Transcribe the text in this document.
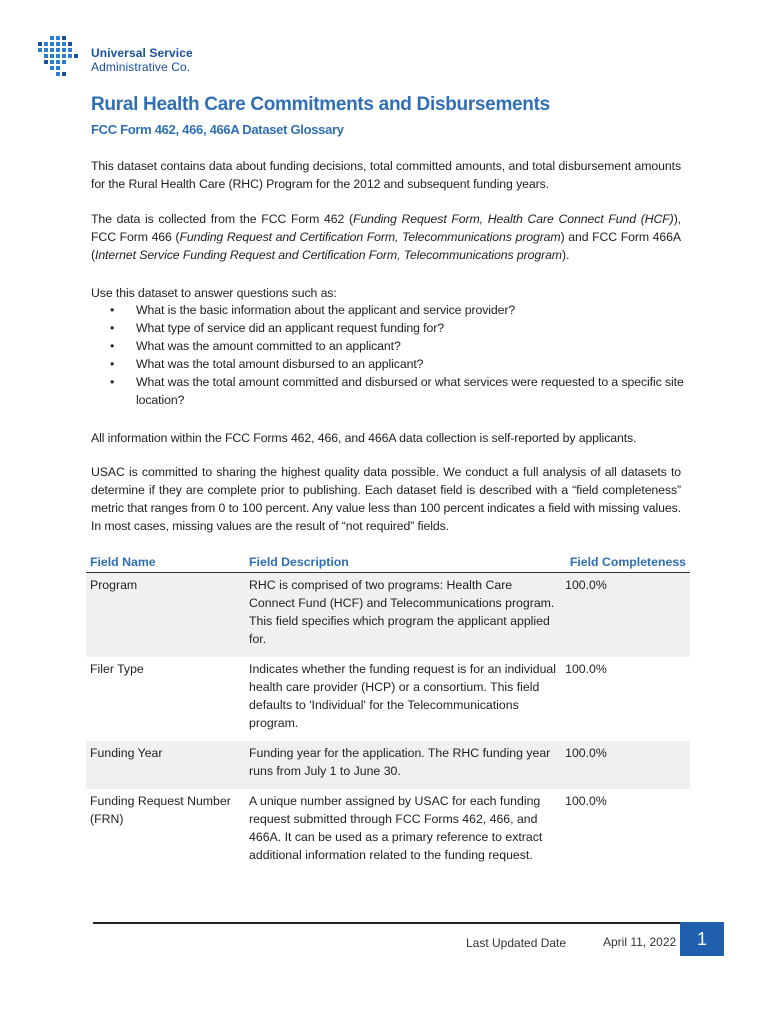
Universal Service
Administrative Co.
Rural Health Care Commitments and Disbursements
FCC Form 462, 466, 466A Dataset Glossary

This dataset contains data about funding decisions, total committed amounts, and total disbursement amounts for the Rural Health Care (RHC) Program for the 2012 and subsequent funding years.

The data is collected from the FCC Form 462 (Funding Request Form, Health Care Connect Fund (HCF)), FCC Form 466 (Funding Request and Certification Form, Telecommunications program) and FCC Form 466A (Internet Service Funding Request and Certification Form, Telecommunications program).

Use this dataset to answer questions such as:

• What is the basic information about the applicant and service provider?
• What type of service did an applicant request funding for?
• What was the amount committed to an applicant?
• What was the total amount disbursed to an applicant?
• What was the total amount committed and disbursed or what services were requested to a specific site location?

All information within the FCC Forms 462, 466, and 466A data collection is self-reported by applicants.

USAC is committed to sharing the highest quality data possible. We conduct a full analysis of all datasets to determine if they are complete prior to publishing. Each dataset field is described with a “field completeness” metric that ranges from 0 to 100 percent. Any value less than 100 percent indicates a field with missing values. In most cases, missing values are the result of “not required” fields.

Field Name	Field Description	Field Completeness
Program	RHC is comprised of two programs: Health Care Connect Fund (HCF) and Telecommunications program. This field specifies which program the applicant applied for.	100.0%
Filer Type	Indicates whether the funding request is for an individual health care provider (HCP) or a consortium. This field defaults to 'Individual' for the Telecommunications program.	100.0%
Funding Year	Funding year for the application. The RHC funding year runs from July 1 to June 30.	100.0%
Funding Request Number (FRN)	A unique number assigned by USAC for each funding request submitted through FCC Forms 462, 466, and 466A. It can be used as a primary reference to extract additional information related to the funding request.	100.0%
Last Updated Date	April 11, 2022	1
